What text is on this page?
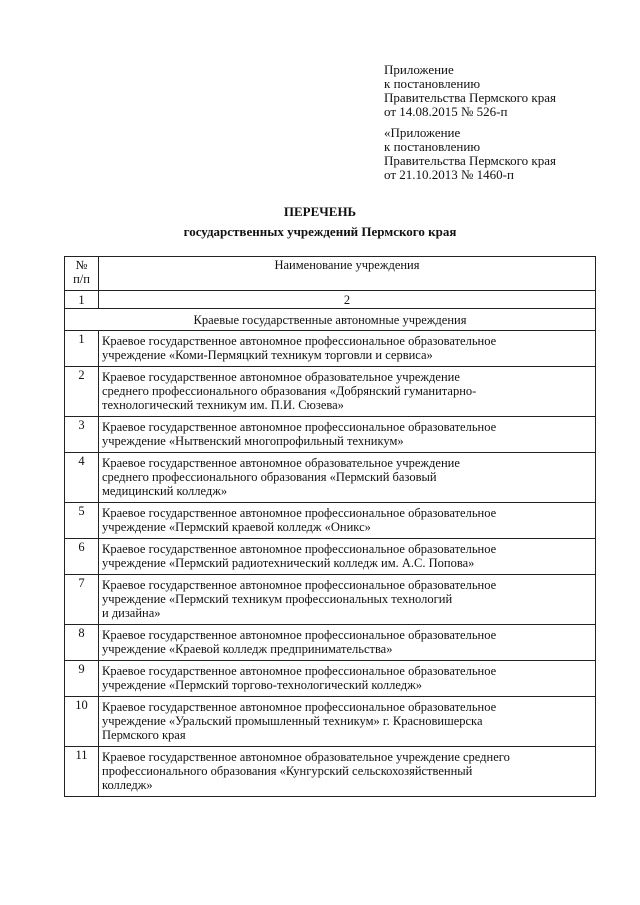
Приложение
к постановлению
Правительства Пермского края
от 14.08.2015 № 526-п
«Приложение
к постановлению
Правительства Пермского края
от 21.10.2013 № 1460-п
ПЕРЕЧЕНЬ
государственных учреждений Пермского края
№
п/п	Наименование учреждения
1	2
Краевые государственные автономные учреждения	
1	Краевое государственное автономное профессиональное образовательное
учреждение «Коми-Пермяцкий техникум торговли и сервиса»

2	Краевое государственное автономное образовательное учреждение
среднего профессионального образования «Добрянский гуманитарно-
технологический техникум им. П.И. Сюзева»

3	Краевое государственное автономное профессиональное образовательное
учреждение «Нытвенский многопрофильный техникум»

4	Краевое государственное автономное образовательное учреждение
среднего профессионального образования «Пермский базовый
медицинский колледж»

5	Краевое государственное автономное профессиональное образовательное
учреждение «Пермский краевой колледж «Оникс»

6	Краевое государственное автономное профессиональное образовательное
учреждение «Пермский радиотехнический колледж им. А.С. Попова»

7	Краевое государственное автономное профессиональное образовательное
учреждение «Пермский техникум профессиональных технологий
и дизайна»

8	Краевое государственное автономное профессиональное образовательное
учреждение «Краевой колледж предпринимательства»

9	Краевое государственное автономное профессиональное образовательное
учреждение «Пермский торгово-технологический колледж»

10	Краевое государственное автономное профессиональное образовательное
учреждение «Уральский промышленный техникум» г. Красновишерска
Пермского края

11	Краевое государственное автономное образовательное учреждение среднего
профессионального образования «Кунгурский сельскохозяйственный
колледж»
